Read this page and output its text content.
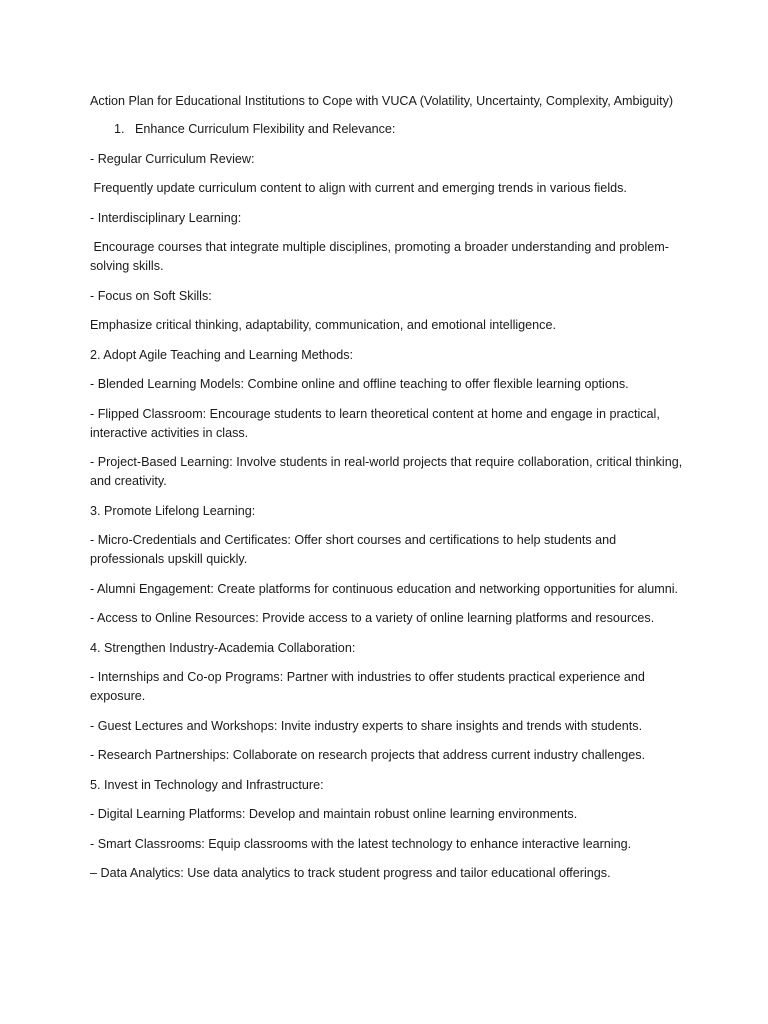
Action Plan for Educational Institutions to Cope with VUCA (Volatility, Uncertainty, Complexity, Ambiguity)

1. Enhance Curriculum Flexibility and Relevance:

- Regular Curriculum Review:

Frequently update curriculum content to align with current and emerging trends in various fields.

- Interdisciplinary Learning:

Encourage courses that integrate multiple disciplines, promoting a broader understanding and problem-solving skills.

- Focus on Soft Skills:

Emphasize critical thinking, adaptability, communication, and emotional intelligence.

2. Adopt Agile Teaching and Learning Methods:

- Blended Learning Models: Combine online and offline teaching to offer flexible learning options.

- Flipped Classroom: Encourage students to learn theoretical content at home and engage in practical, interactive activities in class.

- Project-Based Learning: Involve students in real-world projects that require collaboration, critical thinking, and creativity.

3. Promote Lifelong Learning:

- Micro-Credentials and Certificates: Offer short courses and certifications to help students and professionals upskill quickly.

- Alumni Engagement: Create platforms for continuous education and networking opportunities for alumni.

- Access to Online Resources: Provide access to a variety of online learning platforms and resources.

4. Strengthen Industry-Academia Collaboration:

- Internships and Co-op Programs: Partner with industries to offer students practical experience and exposure.

- Guest Lectures and Workshops: Invite industry experts to share insights and trends with students.

- Research Partnerships: Collaborate on research projects that address current industry challenges.

5. Invest in Technology and Infrastructure:

- Digital Learning Platforms: Develop and maintain robust online learning environments.

- Smart Classrooms: Equip classrooms with the latest technology to enhance interactive learning.

– Data Analytics: Use data analytics to track student progress and tailor educational offerings.
